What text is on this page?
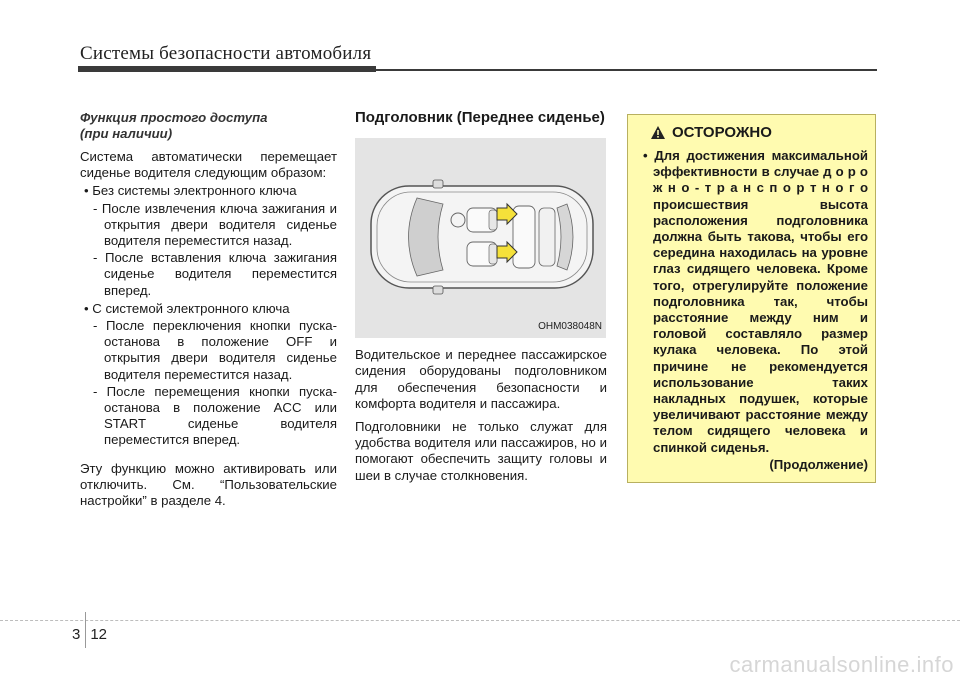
Системы безопасности автомобиля

Функция простого доступа

(при наличии)

Система автоматически перемещает сиденье водителя следующим образом:

• Без системы электронного ключа

- После извлечения ключа зажигания и открытия двери водителя сиденье водителя переместится назад.

- После вставления ключа зажигания сиденье водителя переместится вперед.

• С системой электронного ключа

- После переключения кнопки пуска-останова в положение OFF и открытия двери водителя сиденье водителя переместится назад.

- После перемещения кнопки пуска-останова в положение ACC или START сиденье водителя переместится вперед.

Эту функцию можно активировать или отключить. См. “Пользовательские настройки” в разделе 4.

Подголовник (Переднее сиденье)

OHM038048N

Водительское и переднее пассажирское сидения оборудованы подголовником для обеспечения безопасности и комфорта водителя и пассажира.

Подголовники не только служат для удобства водителя или пассажиров, но и помогают обеспечить защиту головы и шеи в случае столкновения.

ОСТОРОЖНО

• Для достижения максимальной эффективности в случае д о р о ж н о - т р а н с п о р т н о г о происшествия высота расположения подголовника должна быть такова, чтобы его середина находилась на уровне глаз сидящего человека. Кроме того, отрегулируйте положение подголовника так, чтобы расстояние между ним и головой составляло размер кулака человека. По этой причине не рекомендуется использование таких накладных подушек, которые увеличивают расстояние между телом сидящего человека и спинкой сиденья.

(Продолжение)

3 12
carmanualsonline.info
